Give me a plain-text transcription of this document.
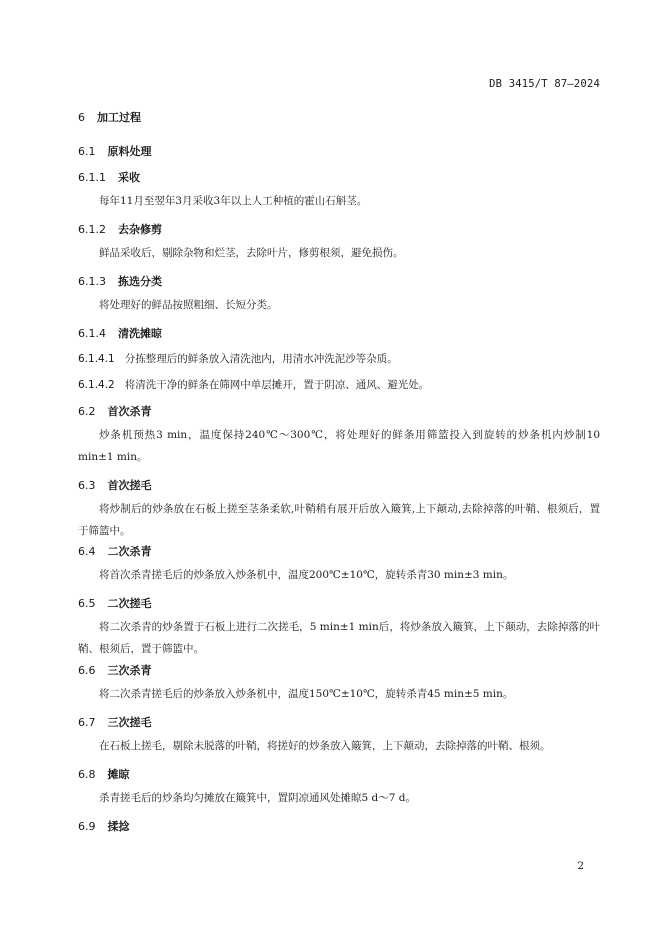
DB 3415/T 87—2024
6 加工过程
6.1 原料处理
6.1.1 采收
每年11月至翌年3月采收3年以上人工种植的霍山石斛茎。
6.1.2 去杂修剪
鲜品采收后，剔除杂物和烂茎，去除叶片，修剪根须，避免损伤。
6.1.3 拣选分类
将处理好的鲜品按照粗细、长短分类。
6.1.4 清洗摊晾
6.1.4.1 分拣整理后的鲜条放入清洗池内，用清水冲洗泥沙等杂质。
6.1.4.2 将清洗干净的鲜条在筛网中单层摊开，置于阴凉、通风、避光处。
6.2 首次杀青
炒条机预热3 min，温度保持240℃～300℃，将处理好的鲜条用筛篮投入到旋转的炒条机内炒制10 min±1 min。
6.3 首次搓毛
将炒制后的炒条放在石板上搓至茎条柔软,叶鞘稍有展开后放入簸箕,上下颠动,去除掉落的叶鞘、根须后，置于筛篮中。
6.4 二次杀青
将首次杀青搓毛后的炒条放入炒条机中，温度200℃±10℃，旋转杀青30 min±3 min。
6.5 二次搓毛
将二次杀青的炒条置于石板上进行二次搓毛，5 min±1 min后，将炒条放入簸箕，上下颠动，去除掉落的叶鞘、根须后，置于筛篮中。
6.6 三次杀青
将二次杀青搓毛后的炒条放入炒条机中，温度150℃±10℃，旋转杀青45 min±5 min。
6.7 三次搓毛
在石板上搓毛，剔除未脱落的叶鞘，将搓好的炒条放入簸箕，上下颠动，去除掉落的叶鞘、根须。
6.8 摊晾
杀青搓毛后的炒条均匀摊放在簸箕中，置阴凉通风处摊晾5 d～7 d。
6.9 揉捻
2
